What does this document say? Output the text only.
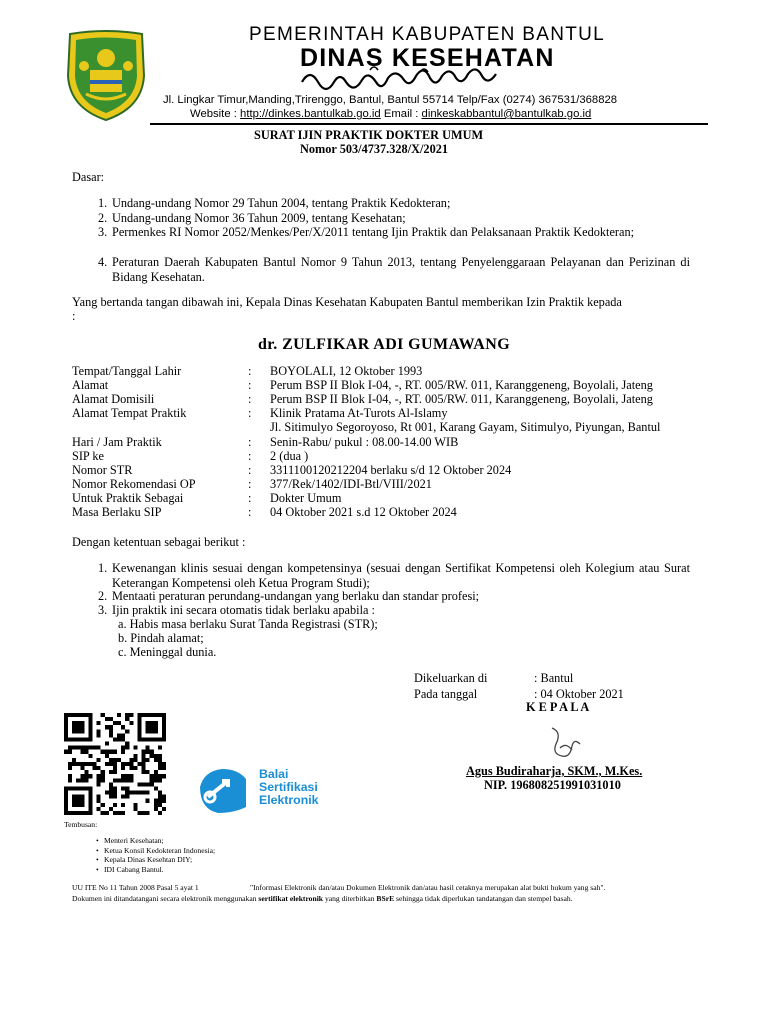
PEMERINTAH KABUPATEN BANTUL
DINAS KESEHATAN
Jl. Lingkar Timur,Manding,Trirenggo, Bantul, Bantul 55714 Telp/Fax (0274) 367531/368828
Website : http://dinkes.bantulkab.go.id Email : dinkeskabbantul@bantulkab.go.id
SURAT IJIN PRAKTIK DOKTER UMUM
Nomor 503/4737.328/X/2021
Dasar:
1. Undang-undang Nomor 29 Tahun 2004, tentang Praktik Kedokteran;
2. Undang-undang Nomor 36 Tahun 2009, tentang Kesehatan;
3. Permenkes RI Nomor 2052/Menkes/Per/X/2011 tentang Ijin Praktik dan Pelaksanaan Praktik Kedokteran;
4. Peraturan Daerah Kabupaten Bantul Nomor 9 Tahun 2013, tentang Penyelenggaraan Pelayanan dan Perizinan di Bidang Kesehatan.
Yang bertanda tangan dibawah ini, Kepala Dinas Kesehatan Kabupaten Bantul memberikan Izin Praktik kepada
:
dr. ZULFIKAR ADI GUMAWANG
Tempat/Tanggal Lahir	: BOYOLALI, 12 Oktober 1993
Alamat	: Perum BSP II Blok I-04, -, RT. 005/RW. 011, Karanggeneng, Boyolali, Jateng
Alamat Domisili	: Perum BSP II Blok I-04, -, RT. 005/RW. 011, Karanggeneng, Boyolali, Jateng
Alamat Tempat Praktik	: Klinik Pratama At-Turots Al-Islamy
Jl. Sitimulyo Segoroyoso, Rt 001, Karang Gayam, Sitimulyo, Piyungan, Bantul
Hari / Jam Praktik	: Senin-Rabu/ pukul : 08.00-14.00 WIB
SIP ke	: 2 (dua )
Nomor STR	: 3311100120212204 berlaku s/d 12 Oktober 2024
Nomor Rekomendasi OP	: 377/Rek/1402/IDI-Btl/VIII/2021
Untuk Praktik Sebagai	: Dokter Umum
Masa Berlaku SIP	: 04 Oktober 2021 s.d 12 Oktober 2024
Dengan ketentuan sebagai berikut :
1. Kewenangan klinis sesuai dengan kompetensinya (sesuai dengan Sertifikat Kompetensi oleh Kolegium atau Surat Keterangan Kompetensi oleh Ketua Program Studi);
2. Mentaati peraturan perundang-undangan yang berlaku dan standar profesi;
3. Ijin praktik ini secara otomatis tidak berlaku apabila :
a. Habis masa berlaku Surat Tanda Registrasi (STR);
b. Pindah alamat;
c. Meninggal dunia.
Dikeluarkan di	: Bantul
Pada tanggal	: 04 Oktober 2021
K E P A L A
Agus Budiraharja, SKM., M.Kes.
NIP. 196808251991031010
Balai
Sertifikasi
Elektronik
Tembusan:
• Menteri Kesehatan;
• Ketua Konsil Kedokteran Indonesia;
• Kepala Dinas Kesehtan DIY;
• IDI Cabang Bantul.
UU ITE No 11 Tahun 2008 Pasal 5 ayat 1	"Informasi Elektronik dan/atau Dokumen Elektronik dan/atau hasil cetaknya merupakan alat bukti hukum yang sah".
Dokumen ini ditandatangani secara elektronik menggunakan sertifikat elektronik yang diterbitkan BSrE sehingga tidak diperlukan tandatangan dan stempel basah.
